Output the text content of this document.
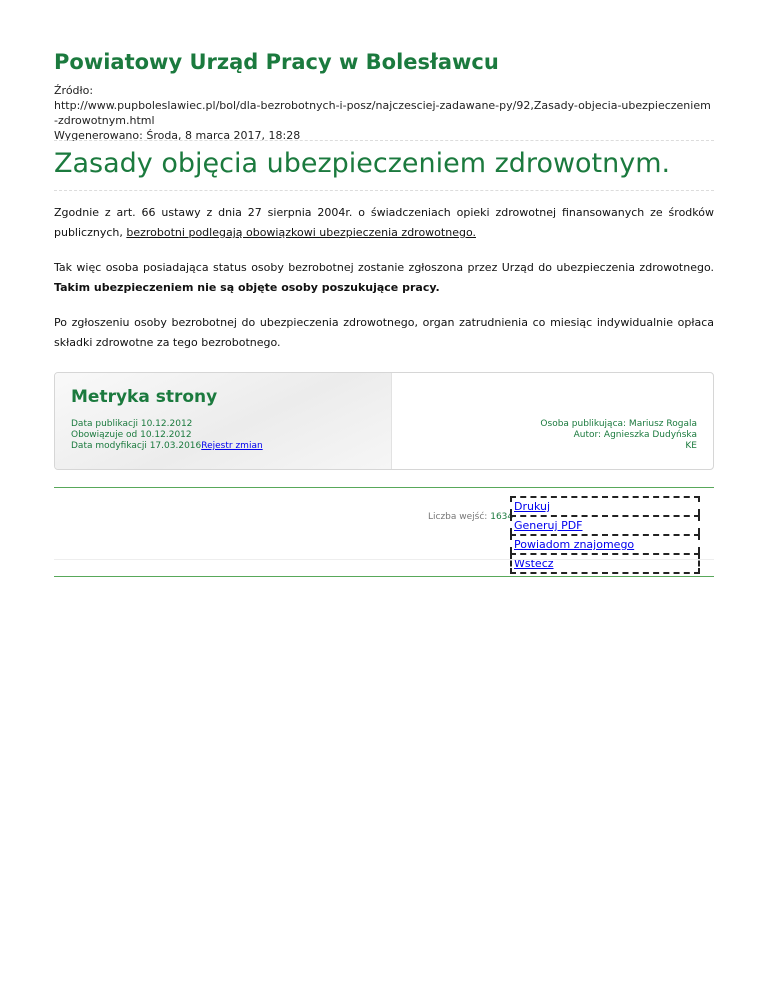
Powiatowy Urząd Pracy w Bolesławcu
Źródło:
http://www.pupboleslawiec.pl/bol/dla-bezrobotnych-i-posz/najczesciej-zadawane-py/92,Zasady-objecia-ubezpieczeniem-zdrowotnym.html
Wygenerowano: Środa, 8 marca 2017, 18:28
Zasady objęcia ubezpieczeniem zdrowotnym.

Zgodnie z art. 66 ustawy z dnia 27 sierpnia 2004r. o świadczeniach opieki zdrowotnej finansowanych ze środków publicznych, bezrobotni podlegają obowiązkowi ubezpieczenia zdrowotnego.

Tak więc osoba posiadająca status osoby bezrobotnej zostanie zgłoszona przez Urząd do ubezpieczenia zdrowotnego. Takim ubezpieczeniem nie są objęte osoby poszukujące pracy.

Po zgłoszeniu osoby bezrobotnej do ubezpieczenia zdrowotnego, organ zatrudnienia co miesiąc indywidualnie opłaca składki zdrowotne za tego bezrobotnego.

Metryka strony
Data publikacji 10.12.2012
Obowiązuje od 10.12.2012
Data modyfikacji 17.03.2016Rejestr zmian
Osoba publikująca: Mariusz Rogala
Autor: Agnieszka Dudyńska
KE
Liczba wejść: 1634
Drukuj
Generuj PDF
Powiadom znajomego
Wstecz
